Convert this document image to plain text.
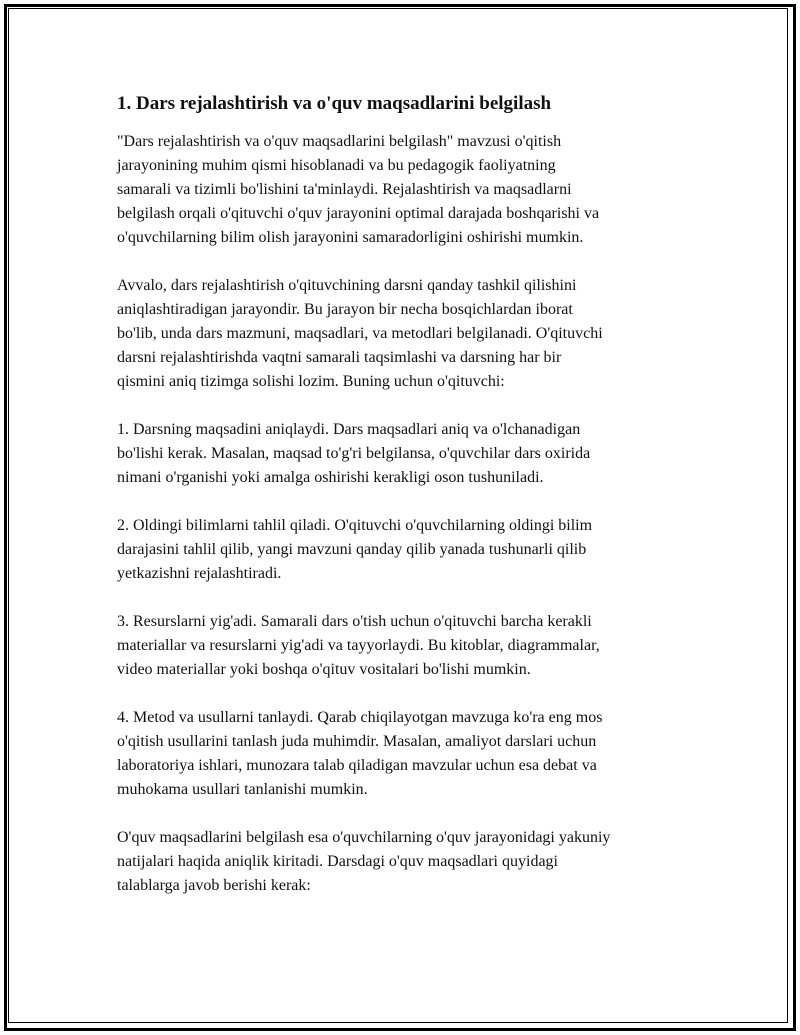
1. Dars rejalashtirish va o'quv maqsadlarini belgilash

"Dars rejalashtirish va o'quv maqsadlarini belgilash" mavzusi o'qitish
jarayonining muhim qismi hisoblanadi va bu pedagogik faoliyatning
samarali va tizimli bo'lishini ta'minlaydi. Rejalashtirish va maqsadlarni
belgilash orqali o'qituvchi o'quv jarayonini optimal darajada boshqarishi va
o'quvchilarning bilim olish jarayonini samaradorligini oshirishi mumkin.

Avvalo, dars rejalashtirish o'qituvchining darsni qanday tashkil qilishini
aniqlashtiradigan jarayondir. Bu jarayon bir necha bosqichlardan iborat
bo'lib, unda dars mazmuni, maqsadlari, va metodlari belgilanadi. O'qituvchi
darsni rejalashtirishda vaqtni samarali taqsimlashi va darsning har bir
qismini aniq tizimga solishi lozim. Buning uchun o'qituvchi:

1. Darsning maqsadini aniqlaydi. Dars maqsadlari aniq va o'lchanadigan
bo'lishi kerak. Masalan, maqsad to'g'ri belgilansa, o'quvchilar dars oxirida
nimani o'rganishi yoki amalga oshirishi kerakligi oson tushuniladi.

2. Oldingi bilimlarni tahlil qiladi. O'qituvchi o'quvchilarning oldingi bilim
darajasini tahlil qilib, yangi mavzuni qanday qilib yanada tushunarli qilib
yetkazishni rejalashtiradi.

3. Resurslarni yig'adi. Samarali dars o'tish uchun o'qituvchi barcha kerakli
materiallar va resurslarni yig'adi va tayyorlaydi. Bu kitoblar, diagrammalar,
video materiallar yoki boshqa o'qituv vositalari bo'lishi mumkin.

4. Metod va usullarni tanlaydi. Qarab chiqilayotgan mavzuga ko'ra eng mos
o'qitish usullarini tanlash juda muhimdir. Masalan, amaliyot darslari uchun
laboratoriya ishlari, munozara talab qiladigan mavzular uchun esa debat va
muhokama usullari tanlanishi mumkin.

O'quv maqsadlarini belgilash esa o'quvchilarning o'quv jarayonidagi yakuniy
natijalari haqida aniqlik kiritadi. Darsdagi o'quv maqsadlari quyidagi
talablarga javob berishi kerak:
